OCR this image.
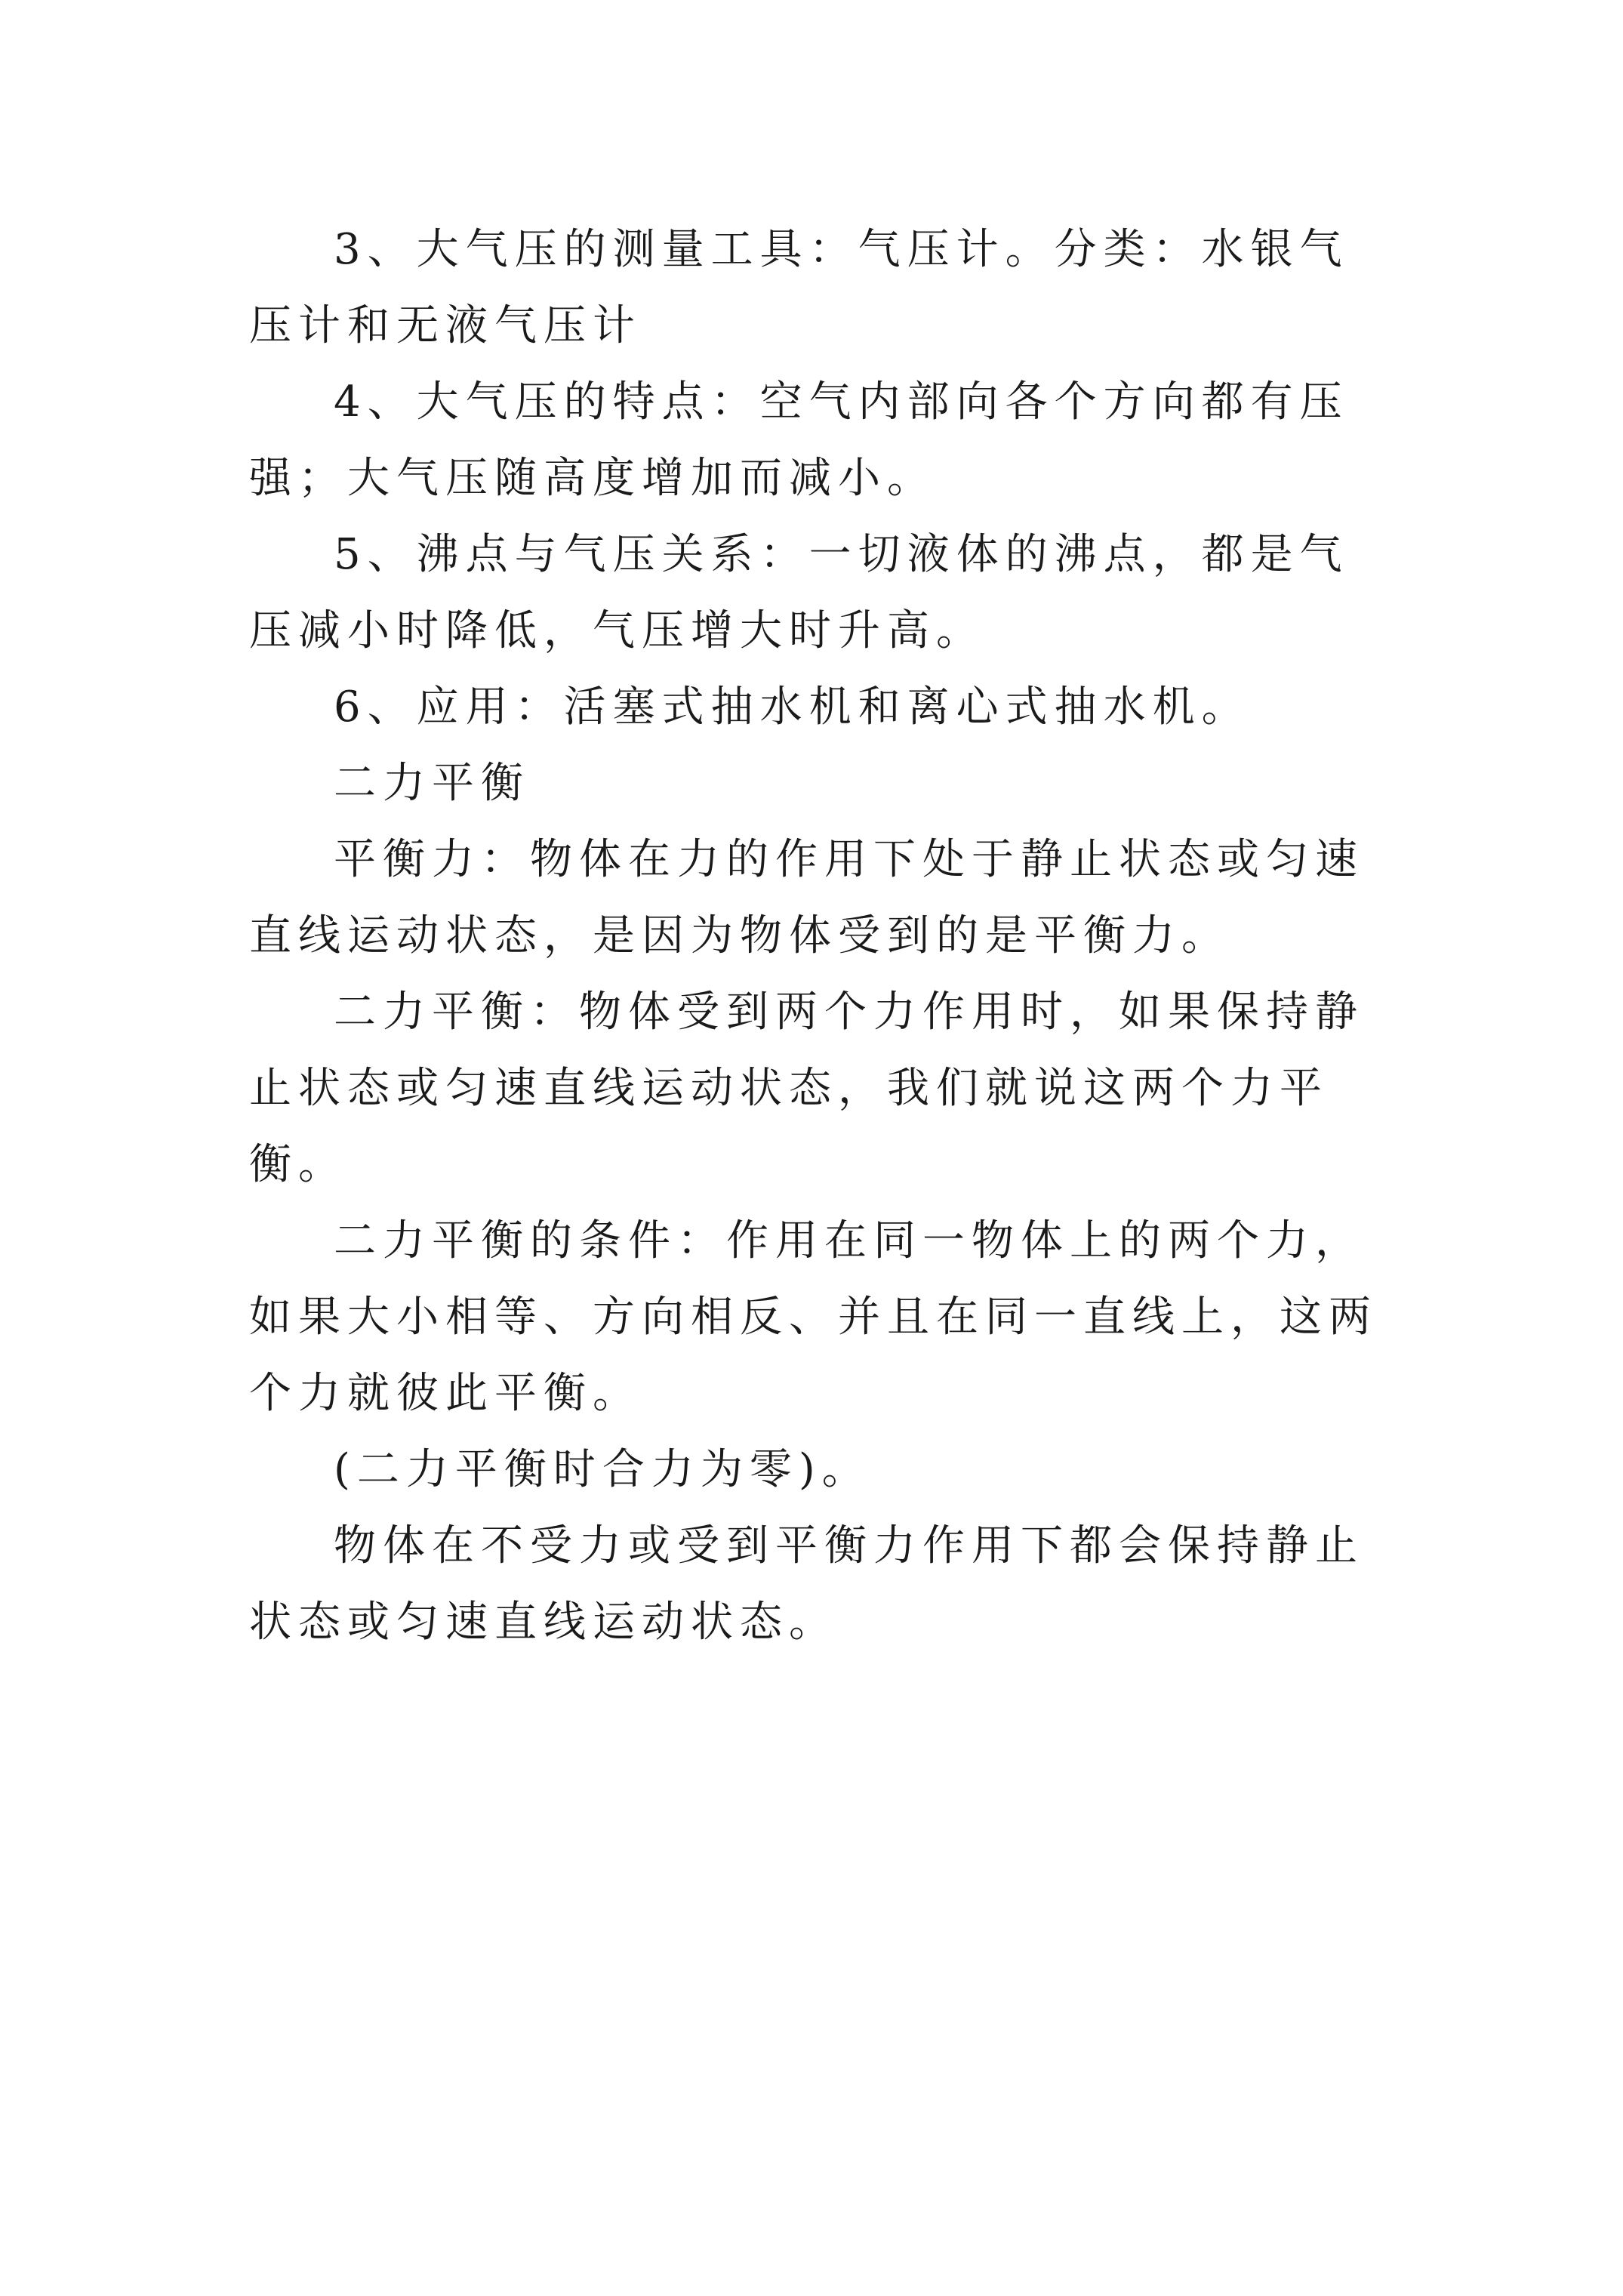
3、大气压的测量工具：气压计。分类：水银气压计和无液气压计

4、大气压的特点：空气内部向各个方向都有压强；大气压随高度增加而减小。

5、沸点与气压关系：一切液体的沸点，都是气压减小时降低，气压增大时升高。

6、应用：活塞式抽水机和离心式抽水机。

二力平衡

平衡力：物体在力的作用下处于静止状态或匀速直线运动状态，是因为物体受到的是平衡力。

二力平衡：物体受到两个力作用时，如果保持静止状态或匀速直线运动状态，我们就说这两个力平衡。

二力平衡的条件：作用在同一物体上的两个力，如果大小相等、方向相反、并且在同一直线上，这两个力就彼此平衡。

(二力平衡时合力为零)。

物体在不受力或受到平衡力作用下都会保持静止状态或匀速直线运动状态。
